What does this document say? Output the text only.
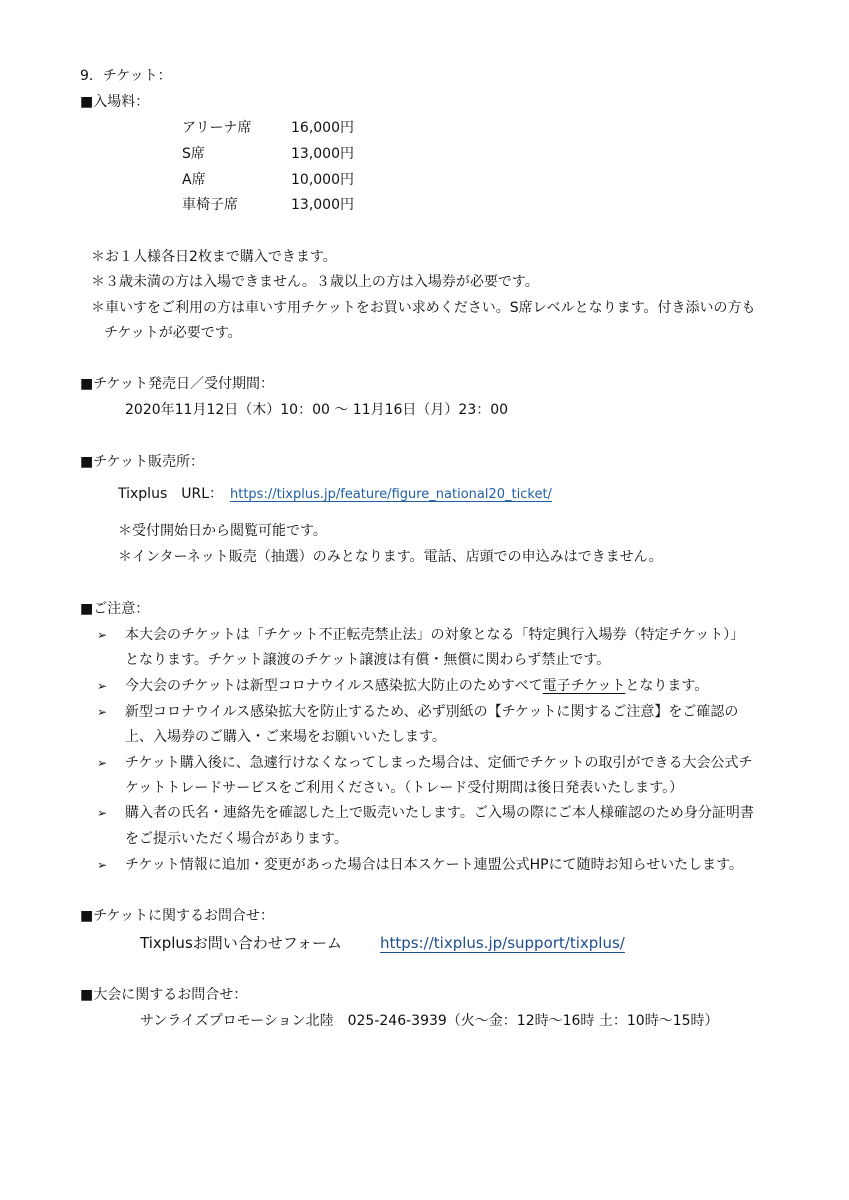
9．チケット：
■入場料：
アリーナ席	16,000円
S席	13,000円
A席	10,000円
車椅子席	13,000円
＊お１人様各日2枚まで購入できます。
＊３歳未満の方は入場できません。３歳以上の方は入場券が必要です。
＊車いすをご利用の方は車いす用チケットをお買い求めください。S席レベルとなります。付き添いの方も
チケットが必要です。
■チケット発売日／受付期間：
2020年11月12日（木）10：00 ～ 11月16日（月）23：00
■チケット販売所：
Tixplus　URL： https://tixplus.jp/feature/figure_national20_ticket/
＊受付開始日から閲覧可能です。
＊インターネット販売（抽選）のみとなります。電話、店頭での申込みはできません。
■ご注意：
➢ 本大会のチケットは「チケット不正転売禁止法」の対象となる「特定興行入場券（特定チケット）」
となります。チケット譲渡のチケット譲渡は有償・無償に関わらず禁止です。
➢ 今大会のチケットは新型コロナウイルス感染拡大防止のためすべて電子チケットとなります。
➢ 新型コロナウイルス感染拡大を防止するため、必ず別紙の【チケットに関するご注意】をご確認の
上、入場券のご購入・ご来場をお願いいたします。
➢ チケット購入後に、急遽行けなくなってしまった場合は、定価でチケットの取引ができる大会公式チ
ケットトレードサービスをご利用ください。（トレード受付期間は後日発表いたします。）
➢ 購入者の氏名・連絡先を確認した上で販売いたします。ご入場の際にご本人様確認のため身分証明書
をご提示いただく場合があります。
➢ チケット情報に追加・変更があった場合は日本スケート連盟公式HPにて随時お知らせいたします。
■チケットに関するお問合せ：
Tixplusお問い合わせフォーム	https://tixplus.jp/support/tixplus/
■大会に関するお問合せ：
サンライズプロモーション北陸　025-246-3939（火～金：12時～16時 土：10時～15時）
